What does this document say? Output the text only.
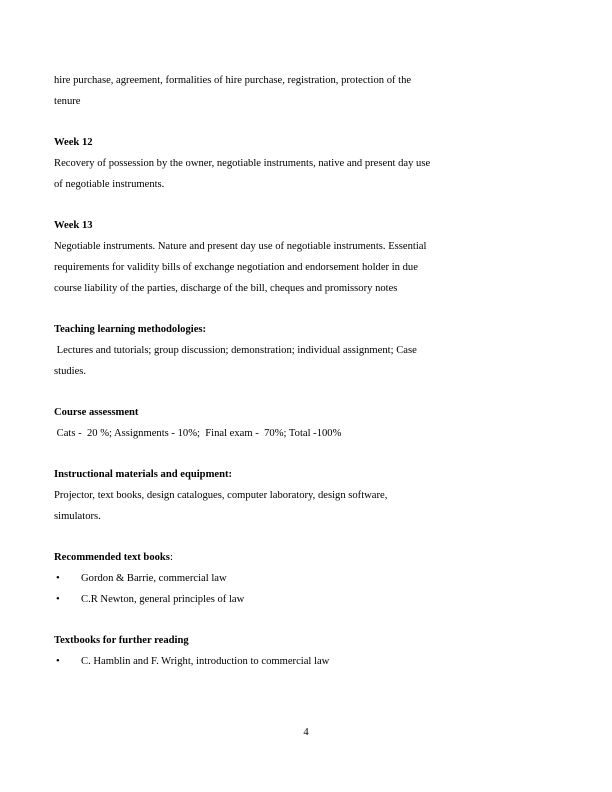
hire purchase, agreement, formalities of hire purchase, registration, protection of the

tenure

Week 12

Recovery of possession by the owner, negotiable instruments, native and present day use

of negotiable instruments.

Week 13

Negotiable instruments. Nature and present day use of negotiable instruments. Essential

requirements for validity bills of exchange negotiation and endorsement holder in due

course liability of the parties, discharge of the bill, cheques and promissory notes

Teaching learning methodologies:

Lectures and tutorials; group discussion; demonstration; individual assignment; Case

studies.

Course assessment

Cats -  20 %; Assignments - 10%;  Final exam -  70%; Total -100%

Instructional materials and equipment:

Projector, text books, design catalogues, computer laboratory, design software,

simulators.

Recommended text books:

• Gordon & Barrie, commercial law
• C.R Newton, general principles of law

Textbooks for further reading

• C. Hamblin and F. Wright, introduction to commercial law
4
